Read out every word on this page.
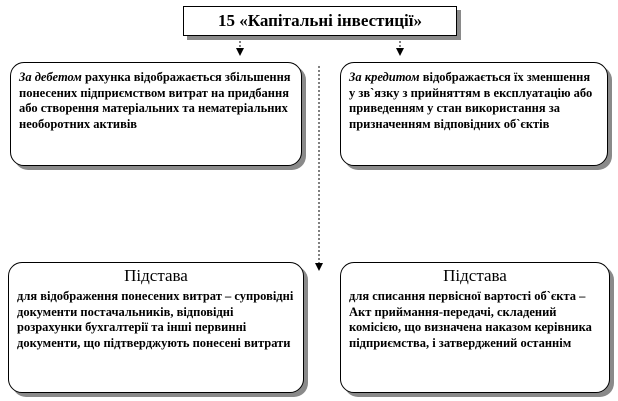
15 «Капітальні інвестиції»

За дебетом рахунка відображається збільшення понесених підприємством витрат на придбання або створення матеріальних та нематеріальних необоротних активів

За кредитом відображається їх зменшення у зв`язку з прийняттям в експлуатацію або приведенням у стан використання за призначенням відповідних об`єктів

Підстава

для відображення понесених витрат – супровідні документи постачальників, відповідні розрахунки бухгалтерії та інші первинні документи, що підтверджують понесені витрати

Підстава

для списання первісної вартості об`єкта – Акт приймання-передачі, складений комісією, що визначена наказом керівника підприємства, і затверджений останнім
